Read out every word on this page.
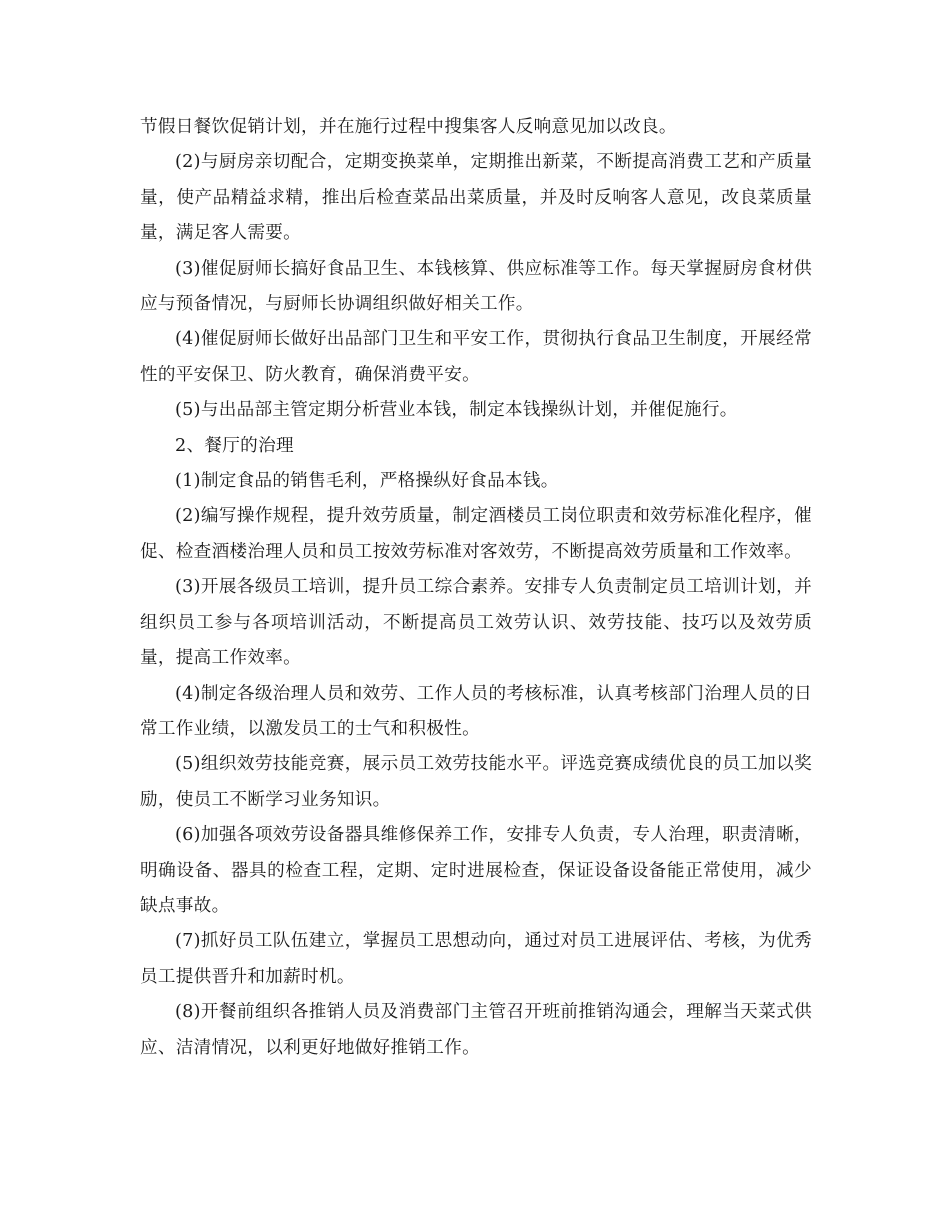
节假日餐饮促销计划，并在施行过程中搜集客人反响意见加以改良。

(2)与厨房亲切配合，定期变换菜单，定期推出新菜，不断提高消费工艺和产质量量，使产品精益求精，推出后检查菜品出菜质量，并及时反响客人意见，改良菜质量量，满足客人需要。

(3)催促厨师长搞好食品卫生、本钱核算、供应标准等工作。每天掌握厨房食材供应与预备情况，与厨师长协调组织做好相关工作。

(4)催促厨师长做好出品部门卫生和平安工作，贯彻执行食品卫生制度，开展经常性的平安保卫、防火教育，确保消费平安。

(5)与出品部主管定期分析营业本钱，制定本钱操纵计划，并催促施行。

2、餐厅的治理

(1)制定食品的销售毛利，严格操纵好食品本钱。

(2)编写操作规程，提升效劳质量，制定酒楼员工岗位职责和效劳标准化程序，催促、检查酒楼治理人员和员工按效劳标准对客效劳，不断提高效劳质量和工作效率。

(3)开展各级员工培训，提升员工综合素养。安排专人负责制定员工培训计划，并组织员工参与各项培训活动，不断提高员工效劳认识、效劳技能、技巧以及效劳质量，提高工作效率。

(4)制定各级治理人员和效劳、工作人员的考核标准，认真考核部门治理人员的日常工作业绩，以激发员工的士气和积极性。

(5)组织效劳技能竞赛，展示员工效劳技能水平。评选竞赛成绩优良的员工加以奖励，使员工不断学习业务知识。

(6)加强各项效劳设备器具维修保养工作，安排专人负责，专人治理，职责清晰，明确设备、器具的检查工程，定期、定时进展检查，保证设备设备能正常使用，减少缺点事故。

(7)抓好员工队伍建立，掌握员工思想动向，通过对员工进展评估、考核，为优秀员工提供晋升和加薪时机。

(8)开餐前组织各推销人员及消费部门主管召开班前推销沟通会，理解当天菜式供应、洁清情况，以利更好地做好推销工作。
